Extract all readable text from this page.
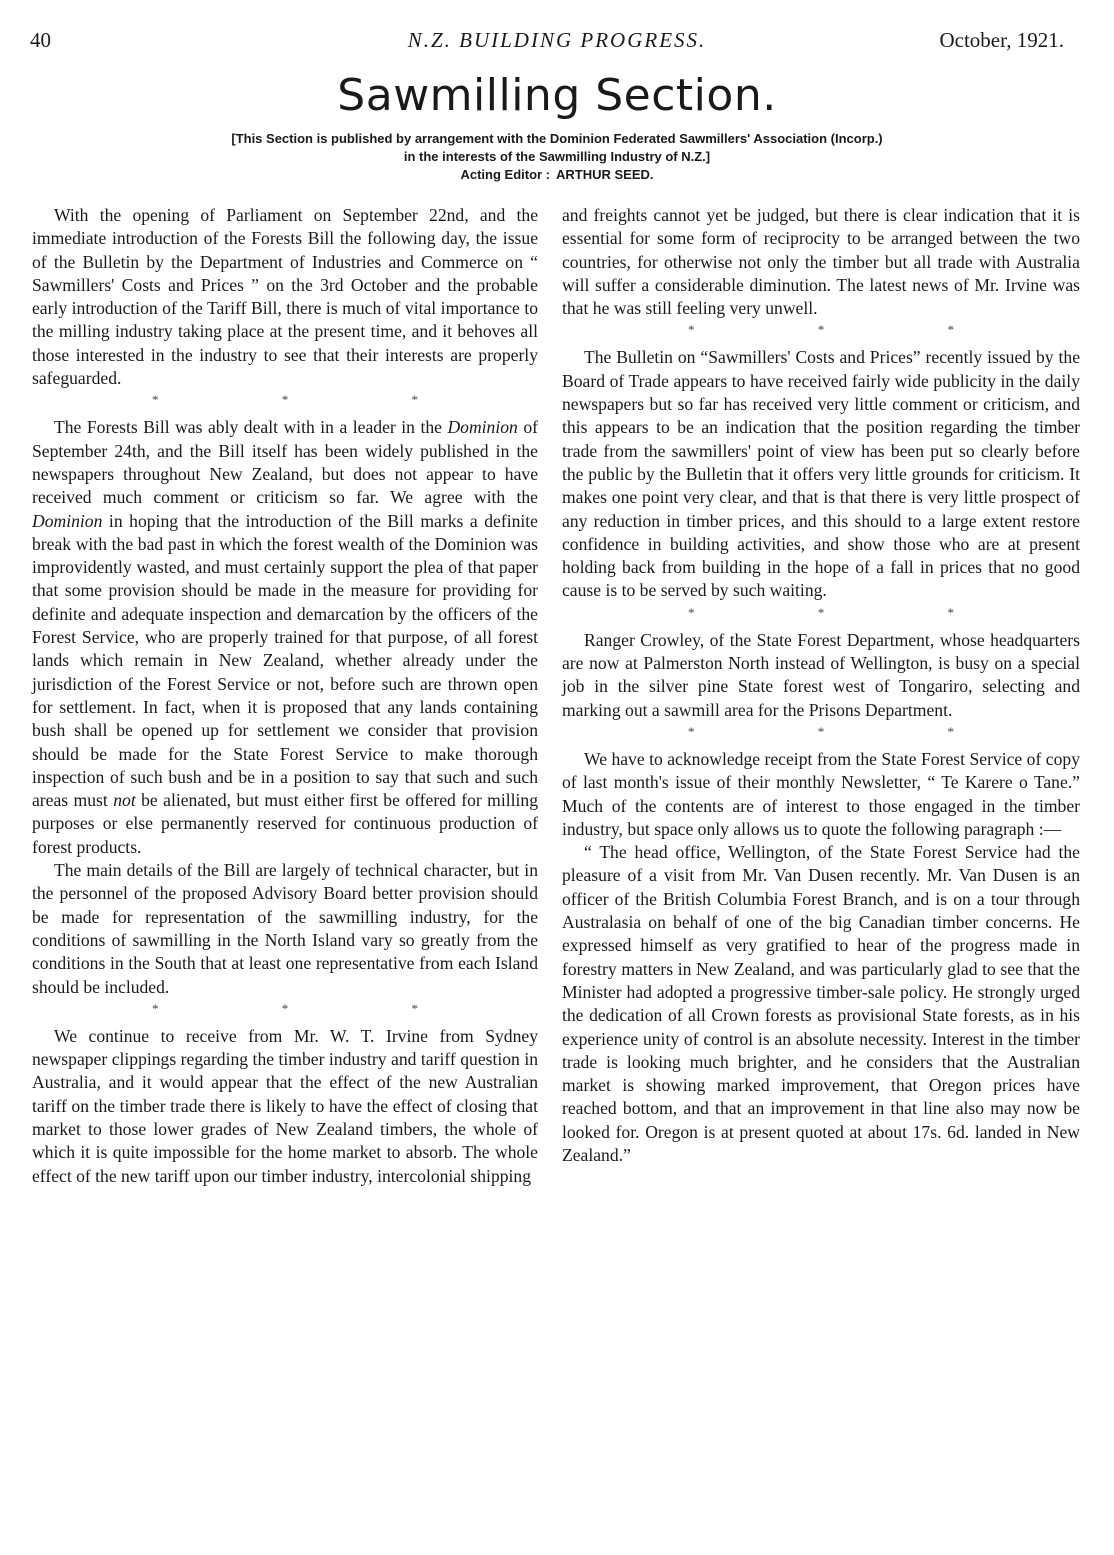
40	N.Z. BUILDING PROGRESS.	October, 1921.
Sawmilling Section.
[This Section is published by arrangement with the Dominion Federated Sawmillers' Association (Incorp.)
in the interests of the Sawmilling Industry of N.Z.]
Acting Editor : ARTHUR SEED.

With the opening of Parliament on September 22nd, and the immediate introduction of the Forests Bill the following day, the issue of the Bulletin by the Department of Industries and Commerce on “ Sawmillers' Costs and Prices ” on the 3rd October and the probable early introduction of the Tariff Bill, there is much of vital importance to the milling industry taking place at the present time, and it behoves all those interested in the industry to see that their interests are properly safeguarded.

* * *

The Forests Bill was ably dealt with in a leader in the Dominion of September 24th, and the Bill itself has been widely published in the newspapers throughout New Zealand, but does not appear to have received much comment or criticism so far. We agree with the Dominion in hoping that the introduction of the Bill marks a definite break with the bad past in which the forest wealth of the Dominion was improvidently wasted, and must certainly support the plea of that paper that some provision should be made in the measure for providing for definite and adequate inspection and demarcation by the officers of the Forest Service, who are properly trained for that purpose, of all forest lands which remain in New Zealand, whether already under the jurisdiction of the Forest Service or not, before such are thrown open for settlement. In fact, when it is proposed that any lands containing bush shall be opened up for settlement we consider that provision should be made for the State Forest Service to make thorough inspection of such bush and be in a position to say that such and such areas must not be alienated, but must either first be offered for milling purposes or else permanently reserved for continuous production of forest products.

The main details of the Bill are largely of technical character, but in the personnel of the proposed Advisory Board better provision should be made for representation of the sawmilling industry, for the conditions of sawmilling in the North Island vary so greatly from the conditions in the South that at least one representative from each Island should be included.

* * *

We continue to receive from Mr. W. T. Irvine from Sydney newspaper clippings regarding the timber industry and tariff question in Australia, and it would appear that the effect of the new Australian tariff on the timber trade there is likely to have the effect of closing that market to those lower grades of New Zealand timbers, the whole of which it is quite impossible for the home market to absorb. The whole effect of the new tariff upon our timber industry, intercolonial shipping

and freights cannot yet be judged, but there is clear indication that it is essential for some form of reciprocity to be arranged between the two countries, for otherwise not only the timber but all trade with Australia will suffer a considerable diminution. The latest news of Mr. Irvine was that he was still feeling very unwell.

* * *

The Bulletin on “Sawmillers' Costs and Prices” recently issued by the Board of Trade appears to have received fairly wide publicity in the daily newspapers but so far has received very little comment or criticism, and this appears to be an indication that the position regarding the timber trade from the sawmillers' point of view has been put so clearly before the public by the Bulletin that it offers very little grounds for criticism. It makes one point very clear, and that is that there is very little prospect of any reduction in timber prices, and this should to a large extent restore confidence in building activities, and show those who are at present holding back from building in the hope of a fall in prices that no good cause is to be served by such waiting.

* * *

Ranger Crowley, of the State Forest Department, whose headquarters are now at Palmerston North instead of Wellington, is busy on a special job in the silver pine State forest west of Tongariro, selecting and marking out a sawmill area for the Prisons Department.

* * *

We have to acknowledge receipt from the State Forest Service of copy of last month's issue of their monthly Newsletter, “ Te Karere o Tane.” Much of the contents are of interest to those engaged in the timber industry, but space only allows us to quote the following paragraph :—

“ The head office, Wellington, of the State Forest Service had the pleasure of a visit from Mr. Van Dusen recently. Mr. Van Dusen is an officer of the British Columbia Forest Branch, and is on a tour through Australasia on behalf of one of the big Canadian timber concerns. He expressed himself as very gratified to hear of the progress made in forestry matters in New Zealand, and was particularly glad to see that the Minister had adopted a progressive timber-sale policy. He strongly urged the dedication of all Crown forests as provisional State forests, as in his experience unity of control is an absolute necessity. Interest in the timber trade is looking much brighter, and he considers that the Australian market is showing marked improvement, that Oregon prices have reached bottom, and that an improvement in that line also may now be looked for. Oregon is at present quoted at about 17s. 6d. landed in New Zealand.”
